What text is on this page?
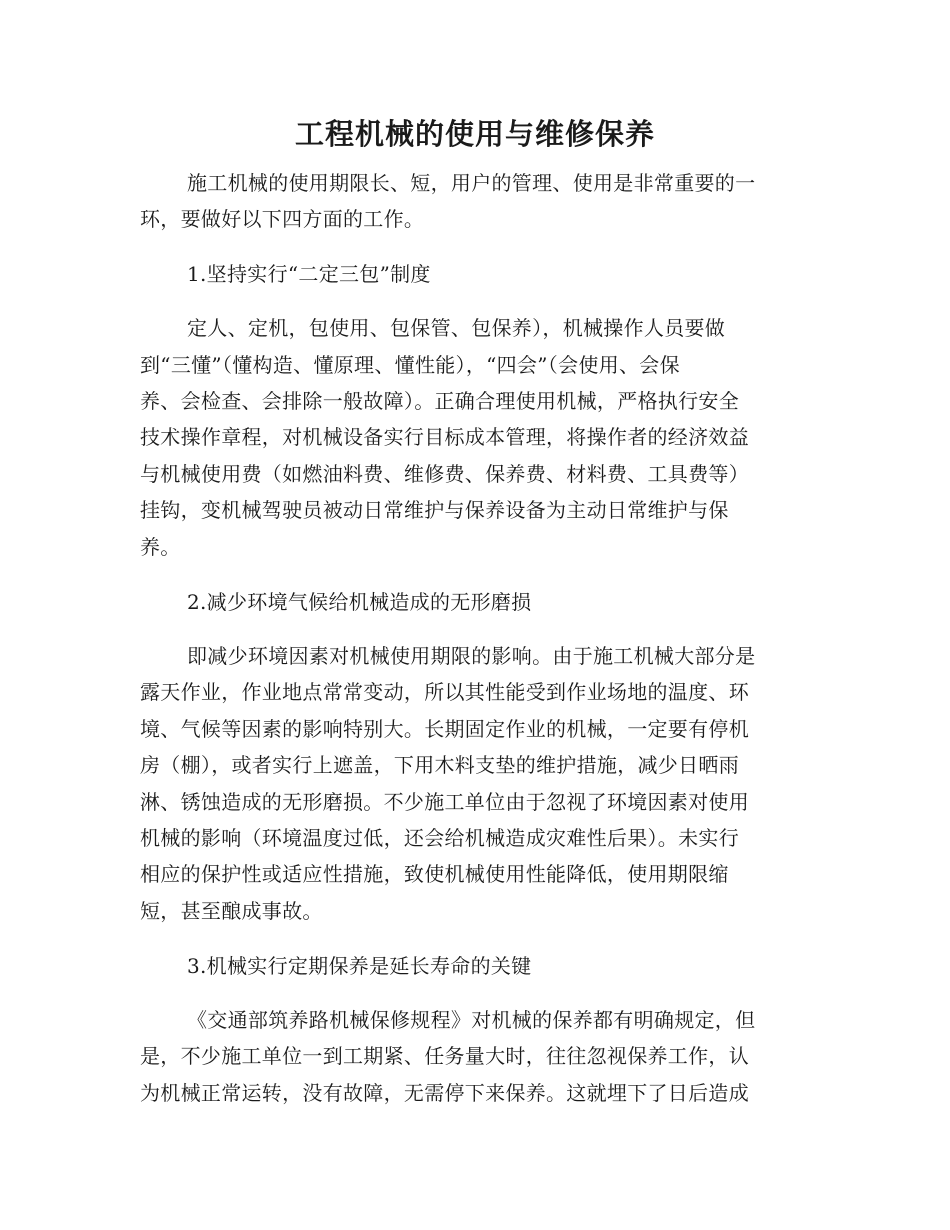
工程机械的使用与维修保养
施工机械的使用期限长、短，用户的管理、使用是非常重要的一
环，要做好以下四方面的工作。
1.坚持实行“二定三包”制度
定人、定机，包使用、包保管、包保养），机械操作人员要做
到“三懂”（懂构造、懂原理、懂性能），“四会”（会使用、会保
养、会检查、会排除一般故障）。正确合理使用机械，严格执行安全
技术操作章程，对机械设备实行目标成本管理，将操作者的经济效益
与机械使用费（如燃油料费、维修费、保养费、材料费、工具费等）
挂钩，变机械驾驶员被动日常维护与保养设备为主动日常维护与保
养。
2.减少环境气候给机械造成的无形磨损
即减少环境因素对机械使用期限的影响。由于施工机械大部分是
露天作业，作业地点常常变动，所以其性能受到作业场地的温度、环
境、气候等因素的影响特别大。长期固定作业的机械，一定要有停机
房（棚），或者实行上遮盖，下用木料支垫的维护措施，减少日晒雨
淋、锈蚀造成的无形磨损。不少施工单位由于忽视了环境因素对使用
机械的影响（环境温度过低，还会给机械造成灾难性后果）。未实行
相应的保护性或适应性措施，致使机械使用性能降低，使用期限缩
短，甚至酿成事故。
3.机械实行定期保养是延长寿命的关键
《交通部筑养路机械保修规程》对机械的保养都有明确规定，但
是，不少施工单位一到工期紧、任务量大时，往往忽视保养工作，认
为机械正常运转，没有故障，无需停下来保养。这就埋下了日后造成
